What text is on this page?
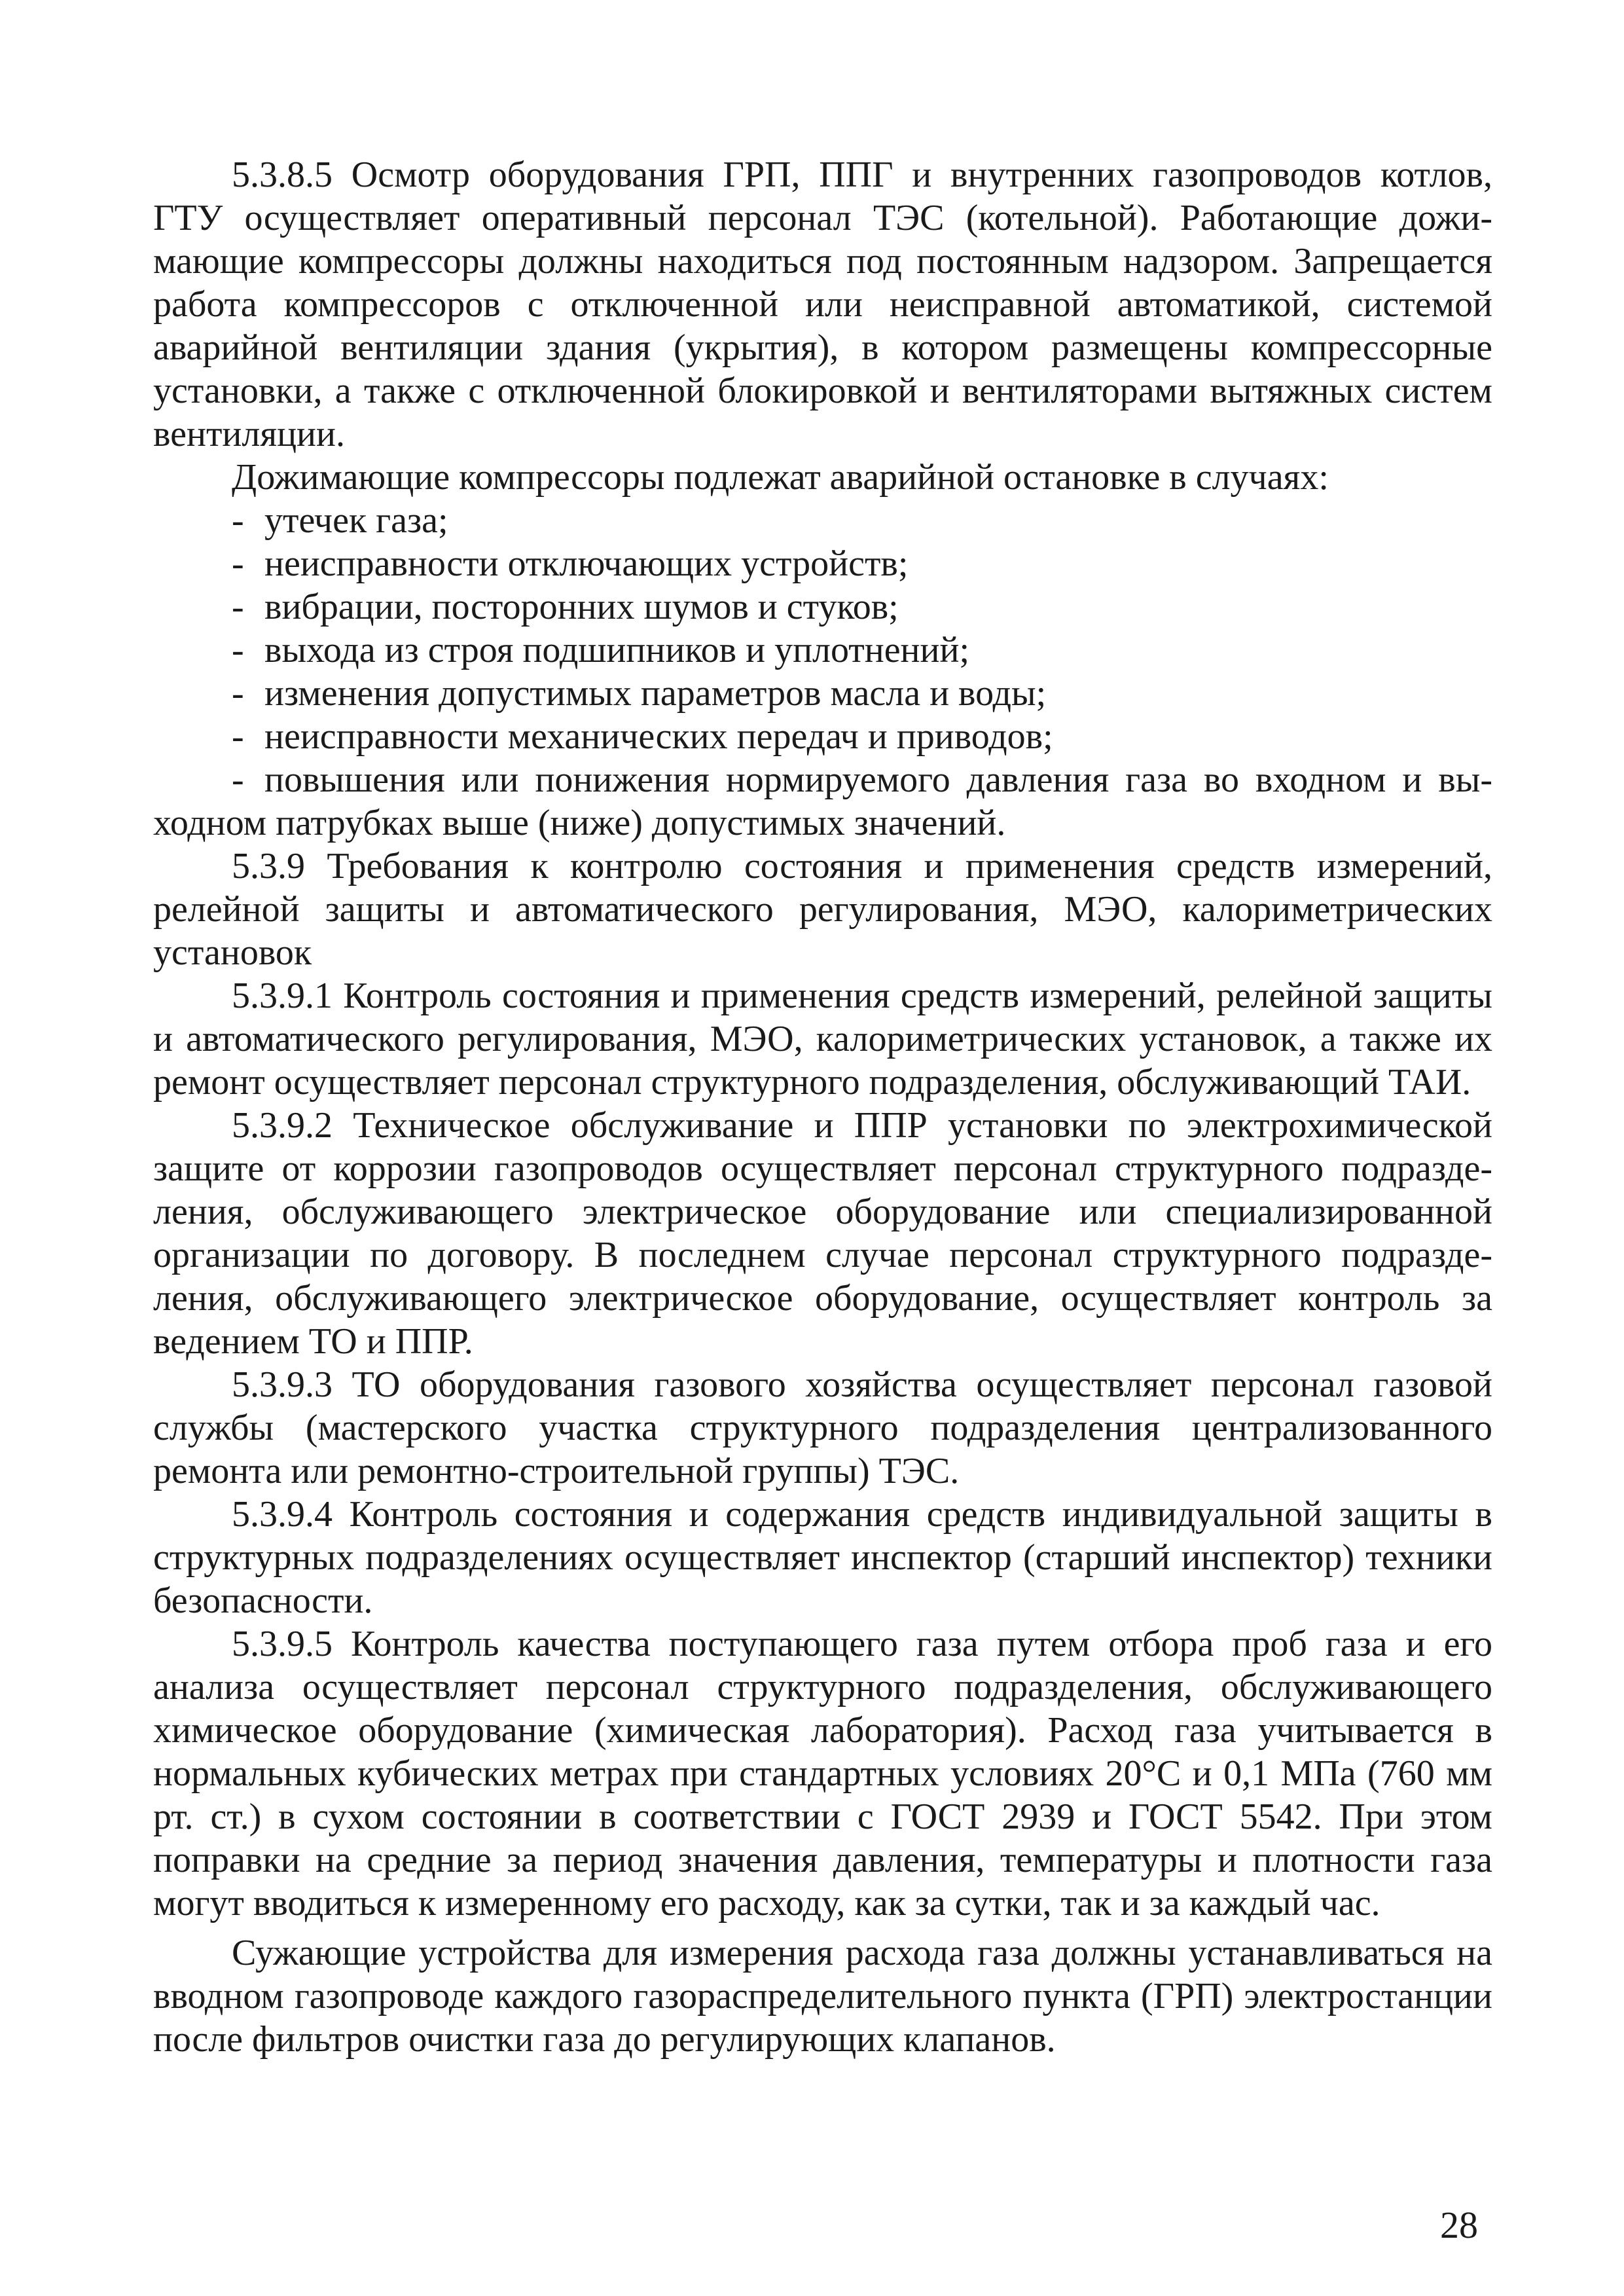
5.3.8.5 Осмотр оборудования ГРП, ППГ и внутренних газопроводов котлов, ГТУ осуществляет оперативный персонал ТЭС (котельной). Работающие дожимающие компрессоры должны находиться под постоянным надзором. Запрещается работа компрессоров с отключенной или неисправной автоматикой, системой аварийной вентиляции здания (укрытия), в котором размещены компрессорные установки, а также с отключенной блокировкой и вентиляторами вытяжных систем вентиляции.

Дожимающие компрессоры подлежат аварийной остановке в случаях:

- утечек газа;
- неисправности отключающих устройств;
- вибрации, посторонних шумов и стуков;
- выхода из строя подшипников и уплотнений;
- изменения допустимых параметров масла и воды;
- неисправности механических передач и приводов;
- повышения или понижения нормируемого давления газа во входном и выходном патрубках выше (ниже) допустимых значений.

5.3.9 Требования к контролю состояния и применения средств измерений, релейной защиты и автоматического регулирования, МЭО, калориметрических установок

5.3.9.1 Контроль состояния и применения средств измерений, релейной защиты и автоматического регулирования, МЭО, калориметрических установок, а также их ремонт осуществляет персонал структурного подразделения, обслуживающий ТАИ.

5.3.9.2 Техническое обслуживание и ППР установки по электрохимической защите от коррозии газопроводов осуществляет персонал структурного подразделения, обслуживающего электрическое оборудование или специализированной организации по договору. В последнем случае персонал структурного подразделения, обслуживающего электрическое оборудование, осуществляет контроль за ведением ТО и ППР.

5.3.9.3 ТО оборудования газового хозяйства осуществляет персонал газовой службы (мастерского участка структурного подразделения централизованного ремонта или ремонтно-строительной группы) ТЭС.

5.3.9.4 Контроль состояния и содержания средств индивидуальной защиты в структурных подразделениях осуществляет инспектор (старший инспектор) техники безопасности.

5.3.9.5 Контроль качества поступающего газа путем отбора проб газа и его анализа осуществляет персонал структурного подразделения, обслуживающего химическое оборудование (химическая лаборатория). Расход газа учитывается в нормальных кубических метрах при стандартных условиях 20°С и 0,1 МПа (760 мм рт. ст.) в сухом состоянии в соответствии с ГОСТ 2939 и ГОСТ 5542. При этом поправки на средние за период значения давления, температуры и плотности газа могут вводиться к измеренному его расходу, как за сутки, так и за каждый час.

Сужающие устройства для измерения расхода газа должны устанавливаться на вводном газопроводе каждого газораспределительного пункта (ГРП) электростанции после фильтров очистки газа до регулирующих клапанов.

28
